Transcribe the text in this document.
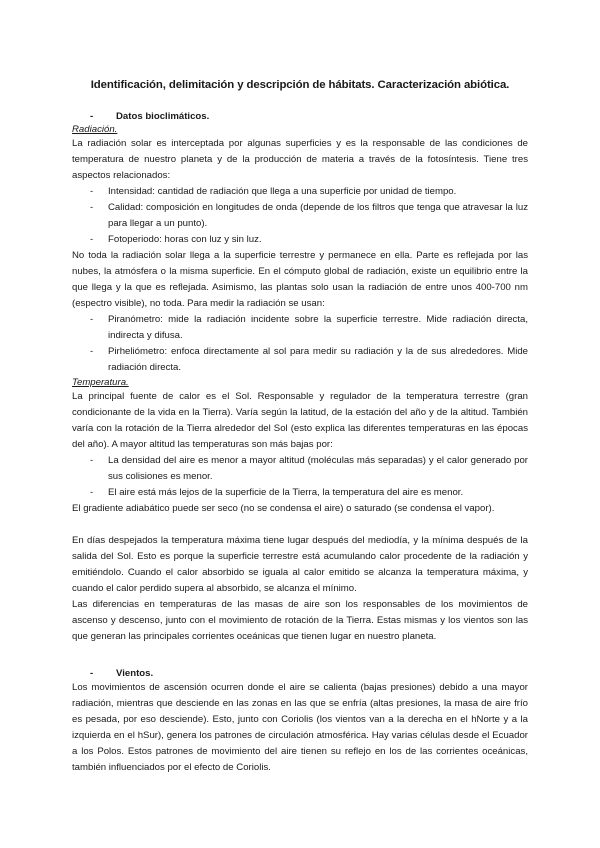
Identificación, delimitación y descripción de hábitats. Caracterización abiótica.
- Datos bioclimáticos.
Radiación.

La radiación solar es interceptada por algunas superficies y es la responsable de las condiciones de temperatura de nuestro planeta y de la producción de materia a través de la fotosíntesis. Tiene tres aspectos relacionados:

- Intensidad: cantidad de radiación que llega a una superficie por unidad de tiempo.
- Calidad: composición en longitudes de onda (depende de los filtros que tenga que atravesar la luz para llegar a un punto).
- Fotoperiodo: horas con luz y sin luz.

No toda la radiación solar llega a la superficie terrestre y permanece en ella. Parte es reflejada por las nubes, la atmósfera o la misma superficie. En el cómputo global de radiación, existe un equilibrio entre la que llega y la que es reflejada. Asimismo, las plantas solo usan la radiación de entre unos 400-700 nm (espectro visible), no toda. Para medir la radiación se usan:

- Piranómetro: mide la radiación incidente sobre la superficie terrestre. Mide radiación directa, indirecta y difusa.
- Pirheliómetro: enfoca directamente al sol para medir su radiación y la de sus alrededores. Mide radiación directa.
Temperatura.

La principal fuente de calor es el Sol. Responsable y regulador de la temperatura terrestre (gran condicionante de la vida en la Tierra). Varía según la latitud, de la estación del año y de la altitud. También varía con la rotación de la Tierra alrededor del Sol (esto explica las diferentes temperaturas en las épocas del año). A mayor altitud las temperaturas son más bajas por:

- La densidad del aire es menor a mayor altitud (moléculas más separadas) y el calor generado por sus colisiones es menor.
- El aire está más lejos de la superficie de la Tierra, la temperatura del aire es menor.

El gradiente adiabático puede ser seco (no se condensa el aire) o saturado (se condensa el vapor).

En días despejados la temperatura máxima tiene lugar después del mediodía, y la mínima después de la salida del Sol. Esto es porque la superficie terrestre está acumulando calor procedente de la radiación y emitiéndolo. Cuando el calor absorbido se iguala al calor emitido se alcanza la temperatura máxima, y cuando el calor perdido supera al absorbido, se alcanza el mínimo.

Las diferencias en temperaturas de las masas de aire son los responsables de los movimientos de ascenso y descenso, junto con el movimiento de rotación de la Tierra. Estas mismas y los vientos son las que generan las principales corrientes oceánicas que tienen lugar en nuestro planeta.

- Vientos.

Los movimientos de ascensión ocurren donde el aire se calienta (bajas presiones) debido a una mayor radiación, mientras que desciende en las zonas en las que se enfría (altas presiones, la masa de aire frío es pesada, por eso desciende). Esto, junto con Coriolis (los vientos van a la derecha en el hNorte y a la izquierda en el hSur), genera los patrones de circulación atmosférica. Hay varias células desde el Ecuador a los Polos. Estos patrones de movimiento del aire tienen su reflejo en los de las corrientes oceánicas, también influenciados por el efecto de Coriolis.
